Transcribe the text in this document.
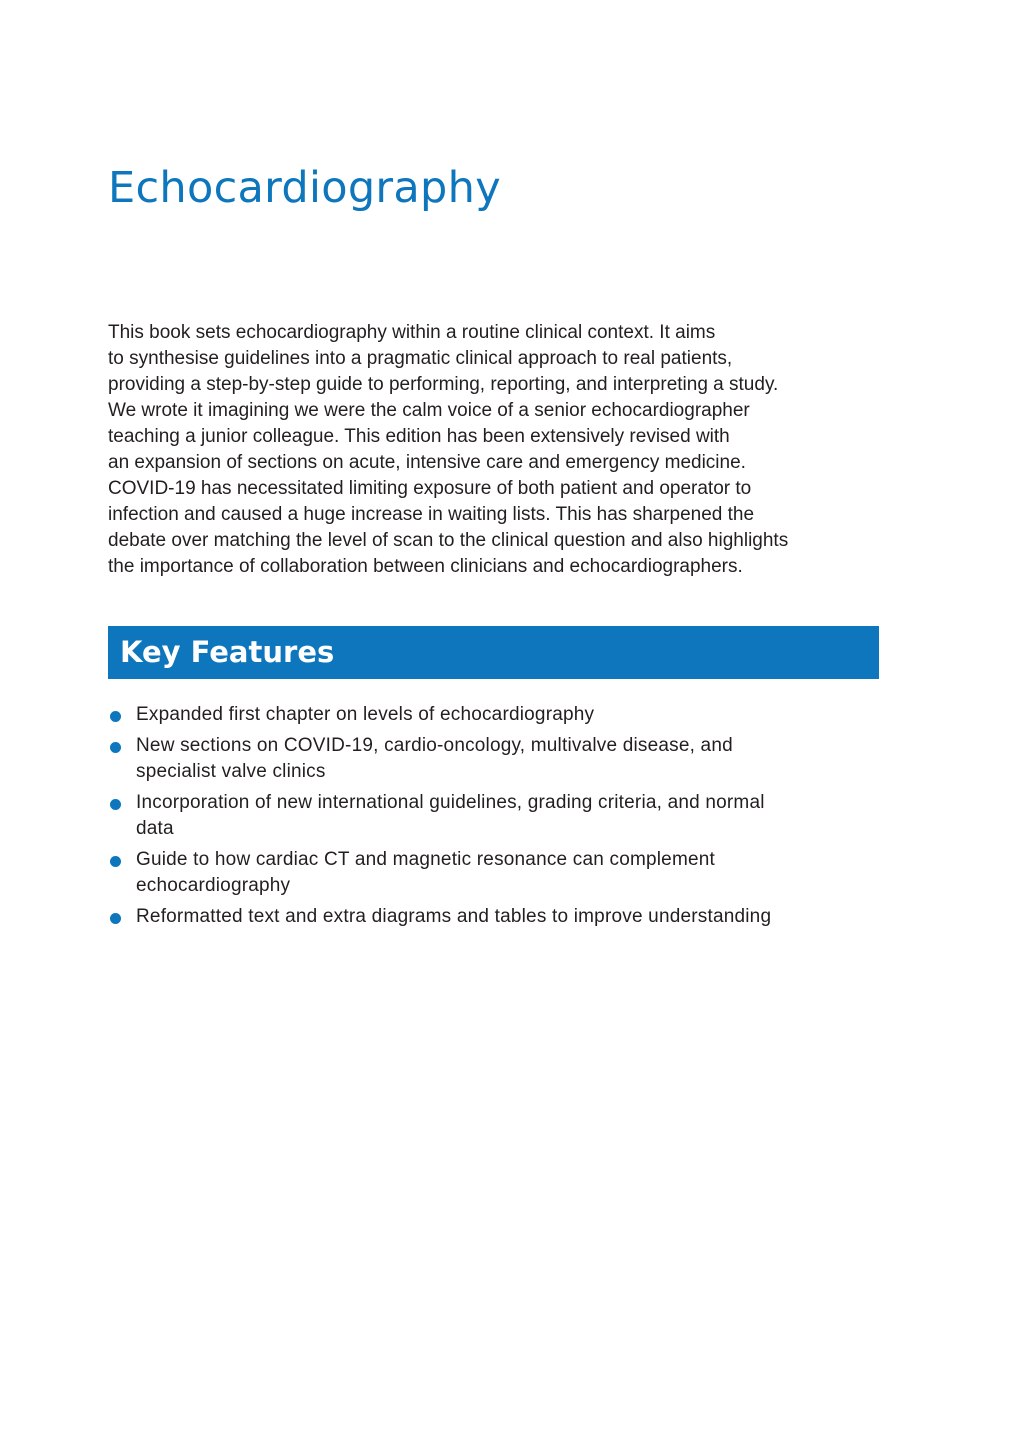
Echocardiography
This book sets echocardiography within a routine clinical context. It aims
to synthesise guidelines into a pragmatic clinical approach to real patients,
providing a step-by-step guide to performing, reporting, and interpreting a study.
We wrote it imagining we were the calm voice of a senior echocardiographer
teaching a junior colleague. This edition has been extensively revised with
an expansion of sections on acute, intensive care and emergency medicine.
COVID-19 has necessitated limiting exposure of both patient and operator to
infection and caused a huge increase in waiting lists. This has sharpened the
debate over matching the level of scan to the clinical question and also highlights
the importance of collaboration between clinicians and echocardiographers.
Key Features
Expanded first chapter on levels of echocardiography
New sections on COVID-19, cardio-oncology, multivalve disease, and
specialist valve clinics
Incorporation of new international guidelines, grading criteria, and normal
data
Guide to how cardiac CT and magnetic resonance can complement
echocardiography
Reformatted text and extra diagrams and tables to improve understanding
